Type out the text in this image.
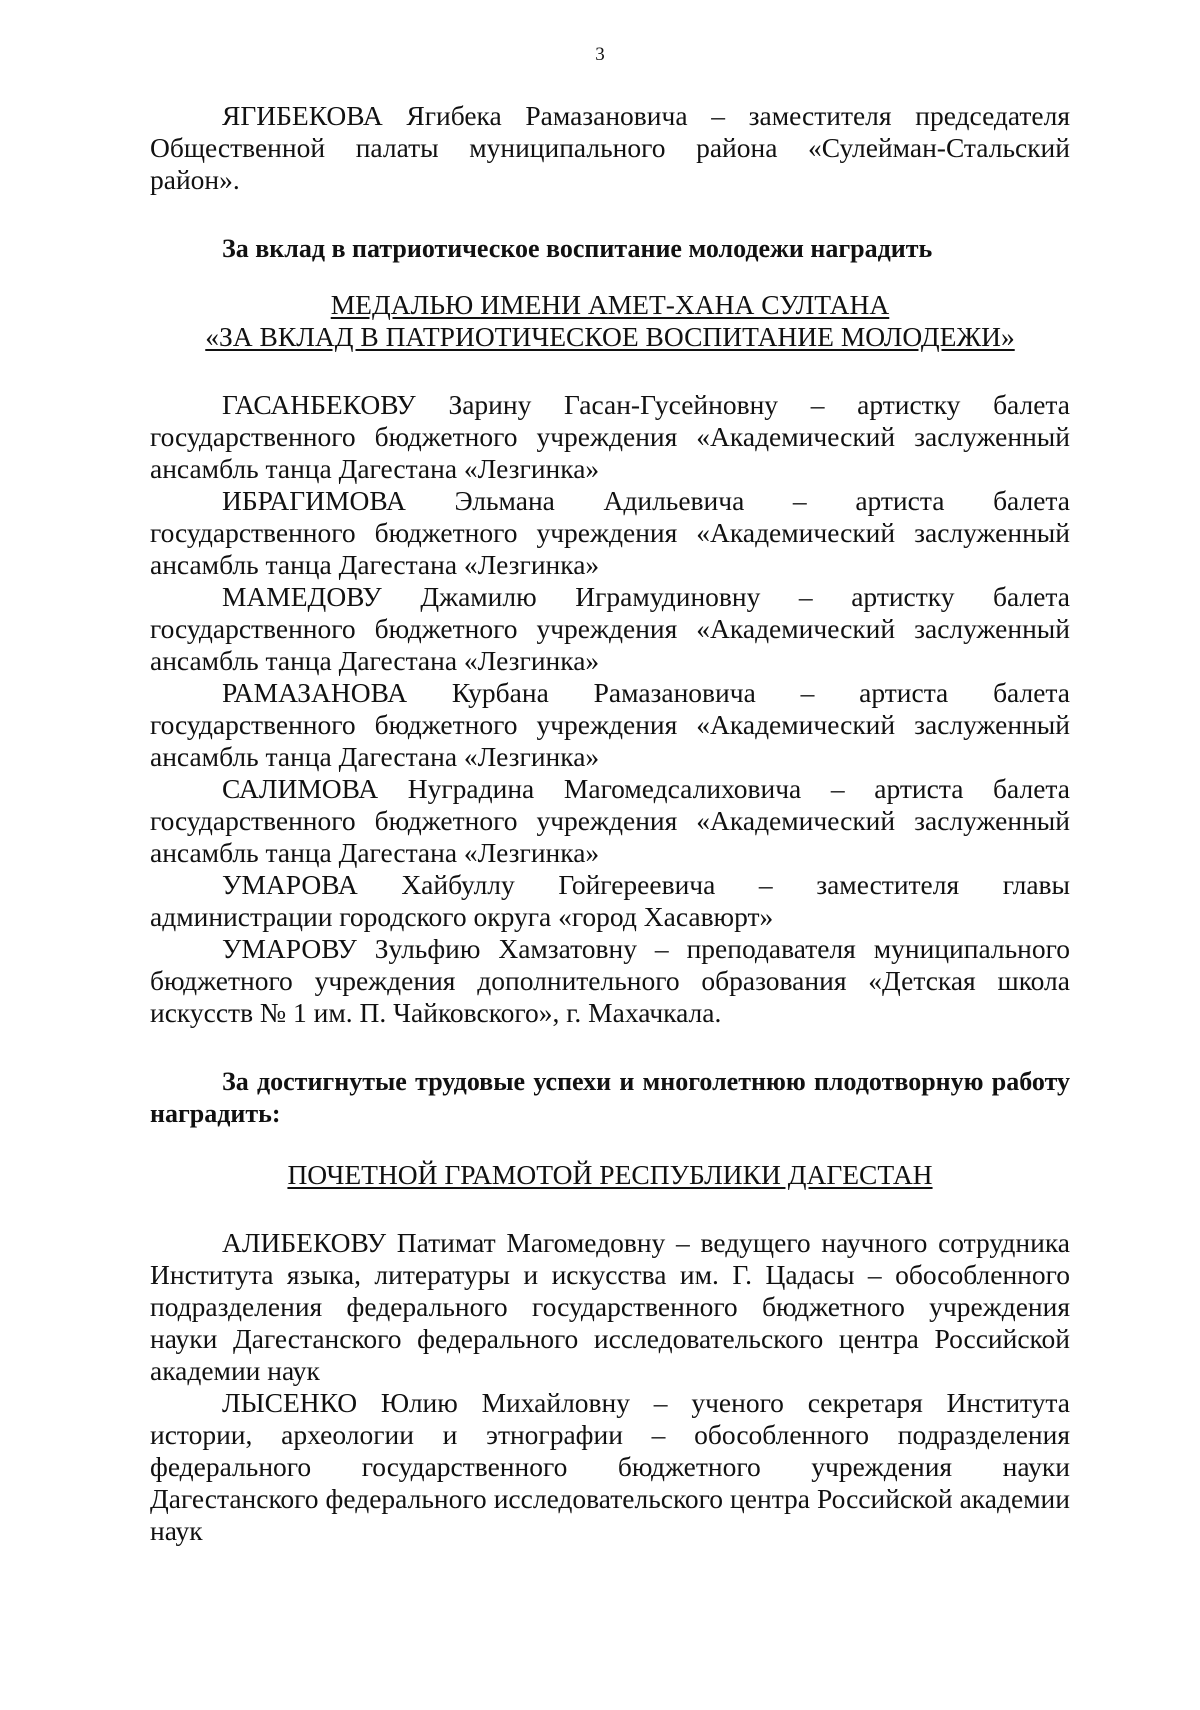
3

ЯГИБЕКОВА Ягибека Рамазановича – заместителя председателя Общественной палаты муниципального района «Сулейман-Стальский район».

За вклад в патриотическое воспитание молодежи наградить

МЕДАЛЬЮ ИМЕНИ АМЕТ-ХАНА СУЛТАНА

«ЗА ВКЛАД В ПАТРИОТИЧЕСКОЕ ВОСПИТАНИЕ МОЛОДЕЖИ»

ГАСАНБЕКОВУ Зарину Гасан-Гусейновну – артистку балета государственного бюджетного учреждения «Академический заслуженный ансамбль танца Дагестана «Лезгинка»

ИБРАГИМОВА Эльмана Адильевича – артиста балета государственного бюджетного учреждения «Академический заслуженный ансамбль танца Дагестана «Лезгинка»

МАМЕДОВУ Джамилю Играмудиновну – артистку балета государственного бюджетного учреждения «Академический заслуженный ансамбль танца Дагестана «Лезгинка»

РАМАЗАНОВА Курбана Рамазановича – артиста балета государственного бюджетного учреждения «Академический заслуженный ансамбль танца Дагестана «Лезгинка»

САЛИМОВА Нуградина Магомедсалиховича – артиста балета государственного бюджетного учреждения «Академический заслуженный ансамбль танца Дагестана «Лезгинка»

УМАРОВА Хайбуллу Гойгереевича – заместителя главы администрации городского округа «город Хасавюрт»

УМАРОВУ Зульфию Хамзатовну – преподавателя муниципального бюджетного учреждения дополнительного образования «Детская школа искусств № 1 им. П. Чайковского», г. Махачкала.

За достигнутые трудовые успехи и многолетнюю плодотворную работу наградить:

ПОЧЕТНОЙ ГРАМОТОЙ РЕСПУБЛИКИ ДАГЕСТАН

АЛИБЕКОВУ Патимат Магомедовну – ведущего научного сотрудника Института языка, литературы и искусства им. Г. Цадасы – обособленного подразделения федерального государственного бюджетного учреждения науки Дагестанского федерального исследовательского центра Российской академии наук

ЛЫСЕНКО Юлию Михайловну – ученого секретаря Института истории, археологии и этнографии – обособленного подразделения федерального государственного бюджетного учреждения науки Дагестанского федерального исследовательского центра Российской академии наук
